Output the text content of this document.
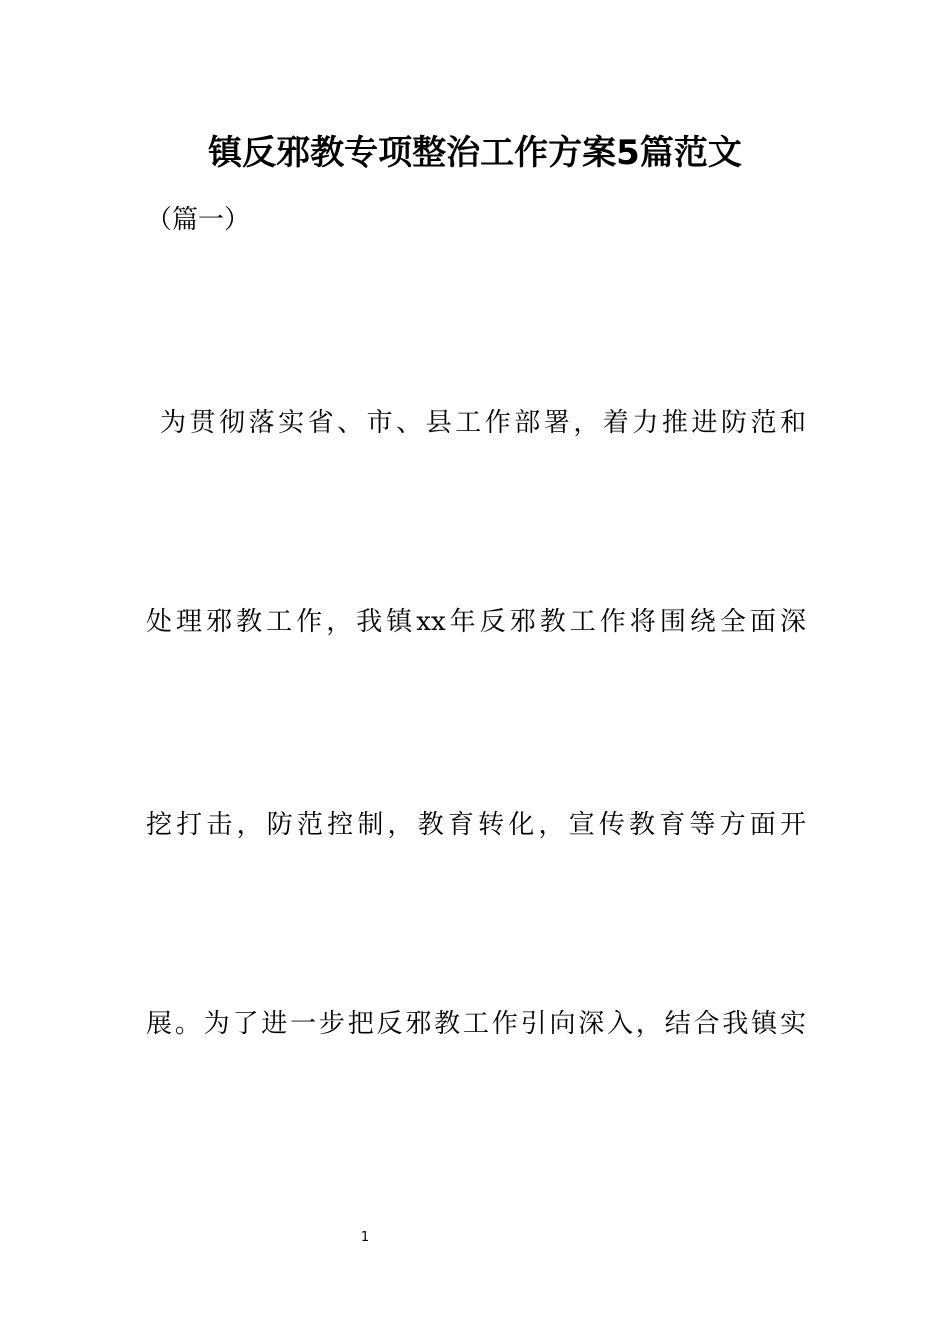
镇反邪教专项整治工作方案5篇范文
（篇一）

为贯彻落实省、市、县工作部署，着力推进防范和

处理邪教工作，我镇xx年反邪教工作将围绕全面深

挖打击，防范控制，教育转化，宣传教育等方面开

展。为了进一步把反邪教工作引向深入，结合我镇实

1
